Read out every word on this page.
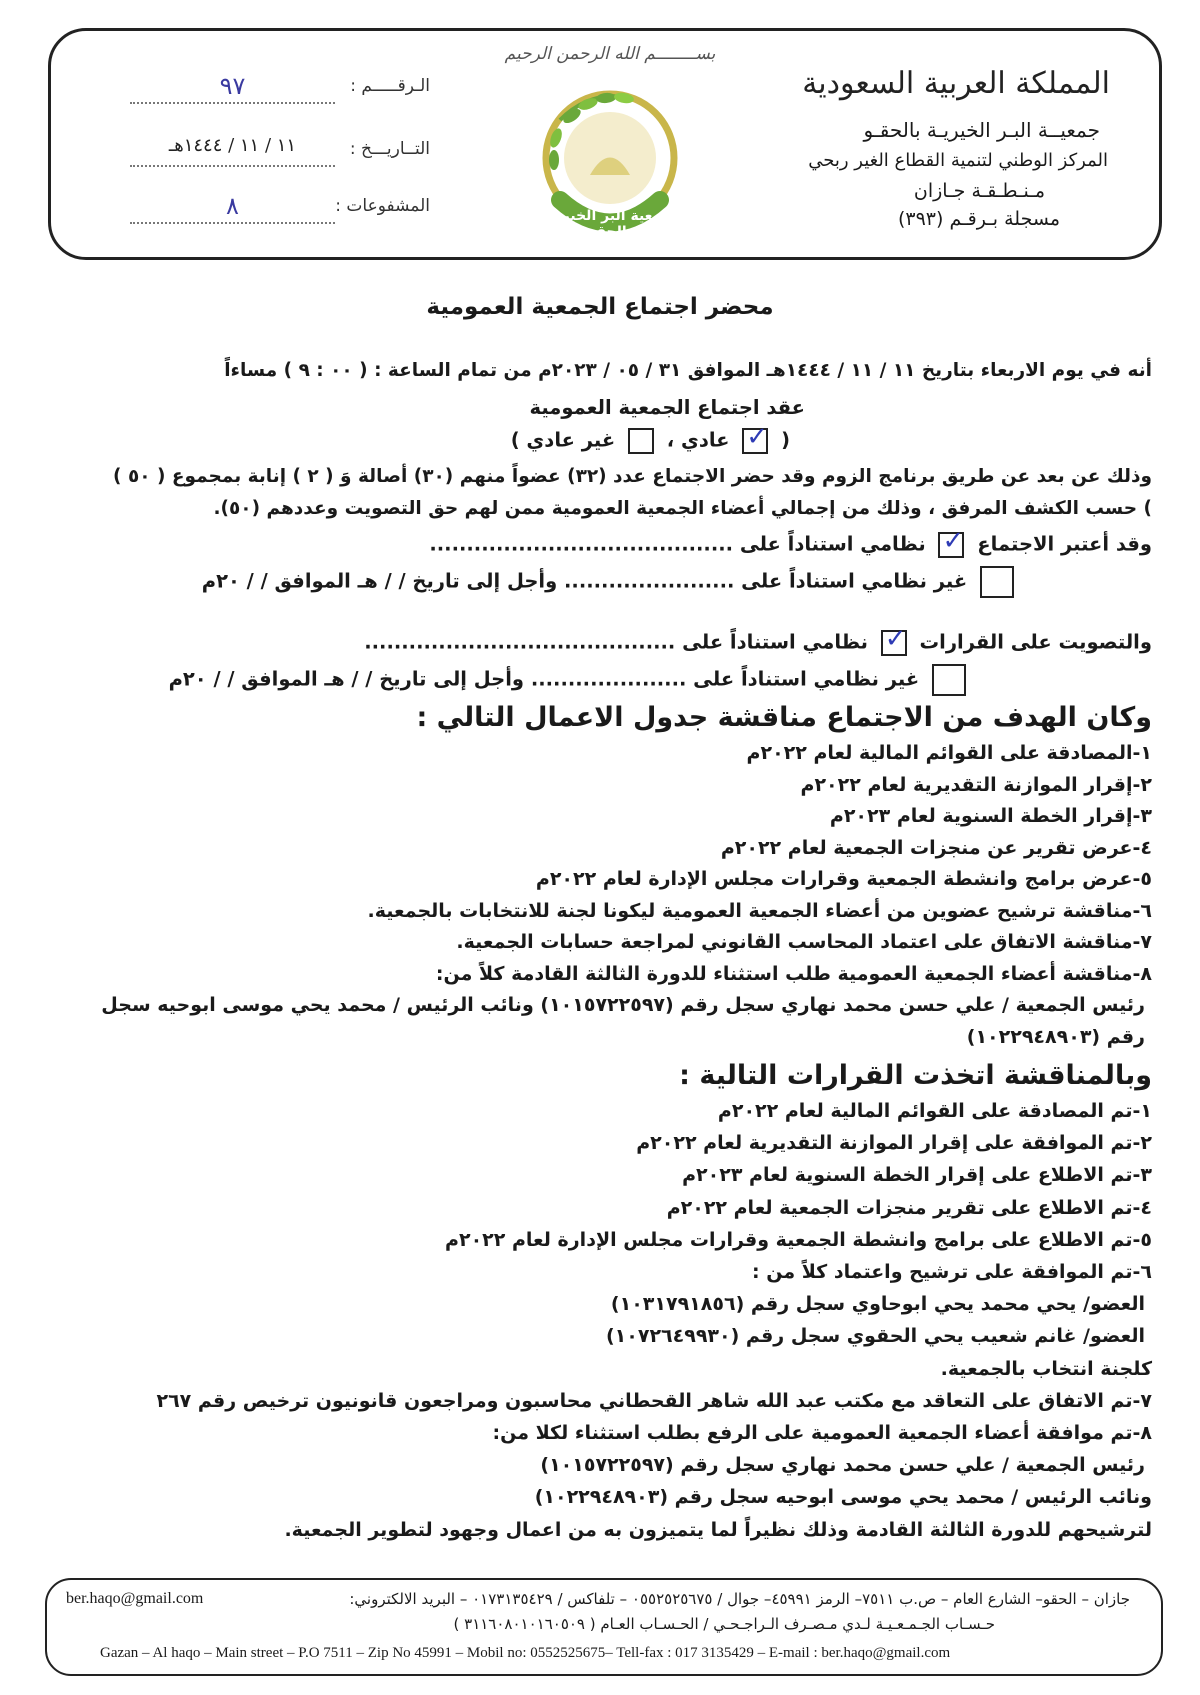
بســــــــم الله الرحمن الرحيم
المملكة العربية السعودية
جمعيــة البـر الخيريـة بالحقـو
المركز الوطني لتنمية القطاع الغير ربحي
مـنـطـقـة جـازان
مسجلة بـرقـم (٣٩٣)
جمعية البر الخيرية بالحقو
الـرقـــــم :
٩٧
التــاريـــخ :
١١ / ١١ / ١٤٤٤هـ
المشفوعات :
٨
محضر اجتماع الجمعية العمومية
أنه في يوم الاربعاء بتاريخ ١١ / ١١ / ١٤٤٤هـ الموافق ٣١ / ٠٥ / ٢٠٢٣م من تمام الساعة : ( ٠٠ : ٩ ) مساءاً
عقد اجتماع الجمعية العمومية
(
✓
عادي ،  غير عادي )
وذلك عن بعد عن طريق برنامج الزوم وقد حضر الاجتماع عدد (٣٢) عضواً منهم (٣٠) أصالة وَ ( ٢ ) إنابة بمجموع ( ٥٠ )
) حسب الكشف المرفق ، وذلك من إجمالي أعضاء الجمعية العمومية ممن لهم حق التصويت وعددهم (٥٠).
وقد أعتبر الاجتماع
✓
نظامي استناداً على .........................................
غير نظامي استناداً على ....................... وأجل إلى تاريخ / / هـ الموافق / / ٢٠م
والتصويت على القرارات
✓
نظامي استناداً على ..........................................
غير نظامي استناداً على ..................... وأجل إلى تاريخ / / هـ الموافق / / ٢٠م
وكان الهدف من الاجتماع مناقشة جدول الاعمال التالي :
١-المصادقة على القوائم المالية لعام ٢٠٢٢م
٢-إقرار الموازنة التقديرية لعام ٢٠٢٢م
٣-إقرار الخطة السنوية لعام ٢٠٢٣م
٤-عرض تقرير عن منجزات الجمعية لعام ٢٠٢٢م
٥-عرض برامج وانشطة الجمعية وقرارات مجلس الإدارة لعام ٢٠٢٢م
٦-مناقشة ترشيح عضوين من أعضاء الجمعية العمومية ليكونا لجنة للانتخابات بالجمعية.
٧-مناقشة الاتفاق على اعتماد المحاسب القانوني لمراجعة حسابات الجمعية.
٨-مناقشة أعضاء الجمعية العمومية طلب استثناء للدورة الثالثة القادمة كلاً من:
رئيس الجمعية / علي حسن محمد نهاري سجل رقم (١٠١٥٧٢٢٥٩٧) ونائب الرئيس / محمد يحي موسى ابوحيه سجل
رقم (١٠٢٢٩٤٨٩٠٣)
وبالمناقشة اتخذت القرارات التالية :
١-تم المصادقة على القوائم المالية لعام ٢٠٢٢م
٢-تم الموافقة على إقرار الموازنة التقديرية لعام ٢٠٢٢م
٣-تم الاطلاع على إقرار الخطة السنوية لعام ٢٠٢٣م
٤-تم الاطلاع على تقرير منجزات الجمعية لعام ٢٠٢٢م
٥-تم الاطلاع على برامج وانشطة الجمعية وقرارات مجلس الإدارة لعام ٢٠٢٢م
٦-تم الموافقة على ترشيح واعتماد كلاً من :
العضو/ يحي محمد يحي ابوحاوي سجل رقم (١٠٣١٧٩١٨٥٦)
العضو/ غانم شعيب يحي الحقوي سجل رقم (١٠٧٢٦٤٩٩٣٠)
كلجنة انتخاب بالجمعية.
٧-تم الاتفاق على التعاقد مع مكتب عبد الله شاهر القحطاني محاسبون ومراجعون قانونيون ترخيص رقم ٢٦٧
٨-تم موافقة أعضاء الجمعية العمومية على الرفع بطلب استثناء لكلا من:
رئيس الجمعية / علي حسن محمد نهاري سجل رقم (١٠١٥٧٢٢٥٩٧)
ونائب الرئيس / محمد يحي موسى ابوحيه سجل رقم (١٠٢٢٩٤٨٩٠٣)
لترشيحهم للدورة الثالثة القادمة وذلك نظيراً لما يتميزون به من اعمال وجهود لتطوير الجمعية.
جازان – الحقو– الشارع العام – ص.ب ٧٥١١– الرمز ٤٥٩٩١– جوال / ٠٥٥٢٥٢٥٦٧٥ – تلفاكس / ٠١٧٣١٣٥٤٢٩ – البريد الالكتروني:
ber.haqo@gmail.com
حـسـاب الجـمـعـيـة لـدي مـصـرف الـراجـحـي / الحـسـاب العـام ( ٣١١٦٠٨٠١٠١٦٠٥٠٩ )
Gazan – Al haqo – Main street – P.O 7511 – Zip No 45991 – Mobil no: 0552525675– Tell-fax : 017 3135429 – E-mail : ber.haqo@gmail.com
